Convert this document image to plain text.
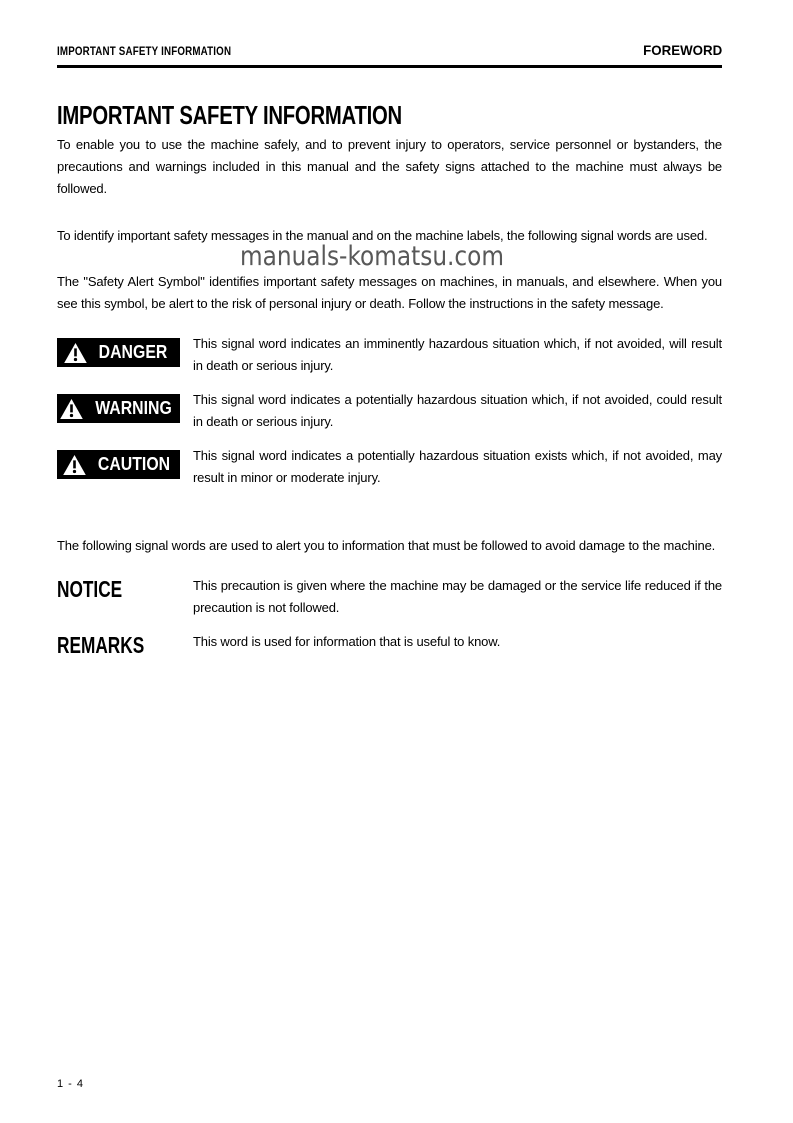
IMPORTANT SAFETY INFORMATION	FOREWORD
IMPORTANT SAFETY INFORMATION

To enable you to use the machine safely, and to prevent injury to operators, service personnel or bystanders, the precautions and warnings included in this manual and the safety signs attached to the machine must always be followed.

To identify important safety messages in the manual and on the machine labels, the following signal words are used.

The "Safety Alert Symbol" identifies important safety messages on machines, in manuals, and elsewhere. When you see this symbol, be alert to the risk of personal injury or death. Follow the instructions in the safety message.

DANGER This signal word indicates an imminently hazardous situation which, if not avoided, will result in death or serious injury.
WARNING This signal word indicates a potentially hazardous situation which, if not avoided, could result in death or serious injury.
CAUTION This signal word indicates a potentially hazardous situation exists which, if not avoided, may result in minor or moderate injury.

The following signal words are used to alert you to information that must be followed to avoid damage to the machine.

NOTICE	This precaution is given where the machine may be damaged or the service life reduced if the precaution is not followed.
REMARKS	This word is used for information that is useful to know.
manuals-komatsu.com
1 - 4
